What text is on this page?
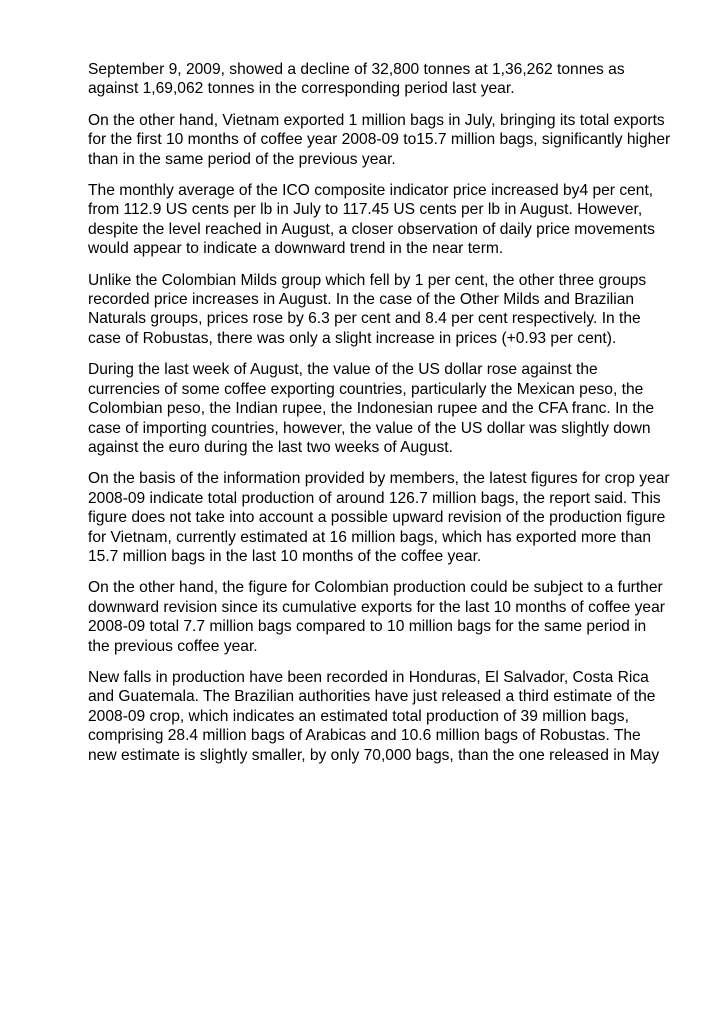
September 9, 2009, showed a decline of 32,800 tonnes at 1,36,262 tonnes as against 1,69,062 tonnes in the corresponding period last year.

On the other hand, Vietnam exported 1 million bags in July, bringing its total exports for the first 10 months of coffee year 2008-09 to15.7 million bags, significantly higher than in the same period of the previous year.

The monthly average of the ICO composite indicator price increased by4 per cent, from 112.9 US cents per lb in July to 117.45 US cents per lb in August. However, despite the level reached in August, a closer observation of daily price movements would appear to indicate a downward trend in the near term.

Unlike the Colombian Milds group which fell by 1 per cent, the other three groups recorded price increases in August. In the case of the Other Milds and Brazilian Naturals groups, prices rose by 6.3 per cent and 8.4 per cent respectively. In the case of Robustas, there was only a slight increase in prices (+0.93 per cent).

During the last week of August, the value of the US dollar rose against the currencies of some coffee exporting countries, particularly the Mexican peso, the Colombian peso, the Indian rupee, the Indonesian rupee and the CFA franc. In the case of importing countries, however, the value of the US dollar was slightly down against the euro during the last two weeks of August.

On the basis of the information provided by members, the latest figures for crop year 2008-09 indicate total production of around 126.7 million bags, the report said. This figure does not take into account a possible upward revision of the production figure for Vietnam, currently estimated at 16 million bags, which has exported more than 15.7 million bags in the last 10 months of the coffee year.

On the other hand, the figure for Colombian production could be subject to a further downward revision since its cumulative exports for the last 10 months of coffee year 2008-09 total 7.7 million bags compared to 10 million bags for the same period in the previous coffee year.

New falls in production have been recorded in Honduras, El Salvador, Costa Rica and Guatemala. The Brazilian authorities have just released a third estimate of the 2008-09 crop, which indicates an estimated total production of 39 million bags, comprising 28.4 million bags of Arabicas and 10.6 million bags of Robustas. The new estimate is slightly smaller, by only 70,000 bags, than the one released in May
